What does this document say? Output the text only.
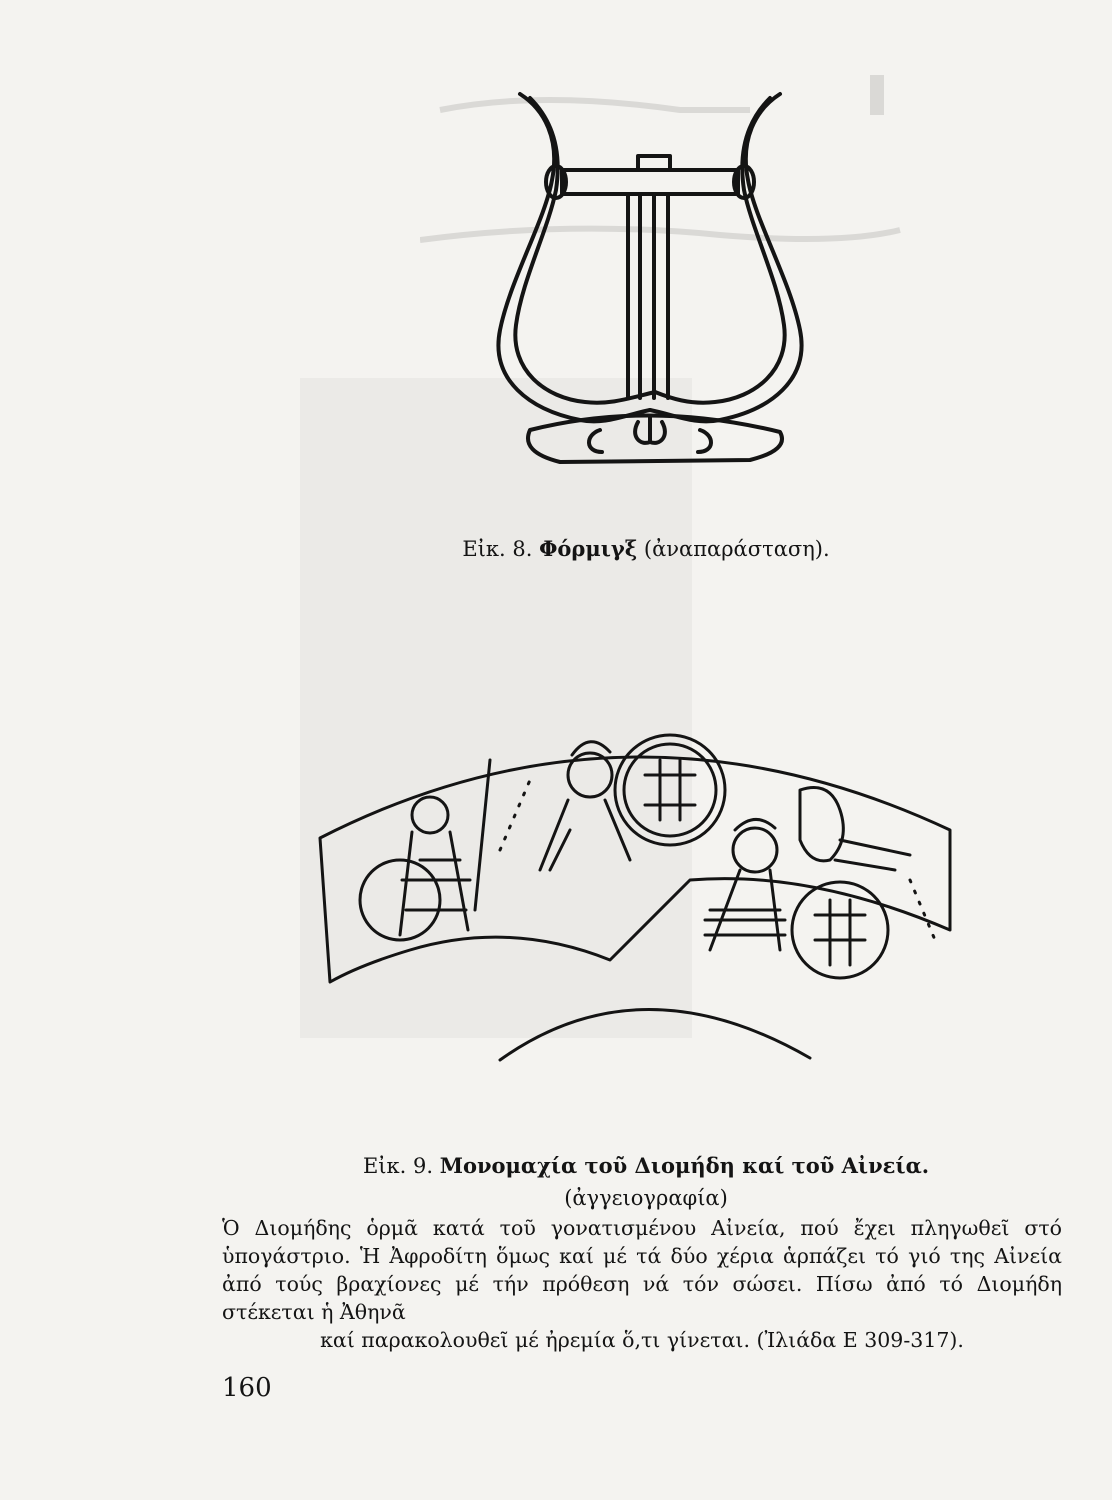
Εἰκ. 8. Φόρμιγξ (ἀναπαράσταση).
Εἰκ. 9. Μονομαχία τοῦ Διομήδη καί τοῦ Αἰνεία.
(ἀγγειογραφία)
Ὁ Διομήδης ὁρμᾶ κατά τοῦ γονατισμένου Αἰνεία, πού ἔχει πληγωθεῖ στό ὑπογάστριο. Ἡ Ἀφροδίτη ὅμως καί μέ τά δύο χέρια ἁρπάζει τό γιό της Αἰνεία ἀπό τούς βραχίονες μέ τήν πρόθεση νά τόν σώσει. Πίσω ἀπό τό Διομήδη στέκεται ἡ Ἀθηνᾶ
καί παρακολουθεῖ μέ ἠρεμία ὅ,τι γίνεται. (Ἰλιάδα Ε 309-317).
160
